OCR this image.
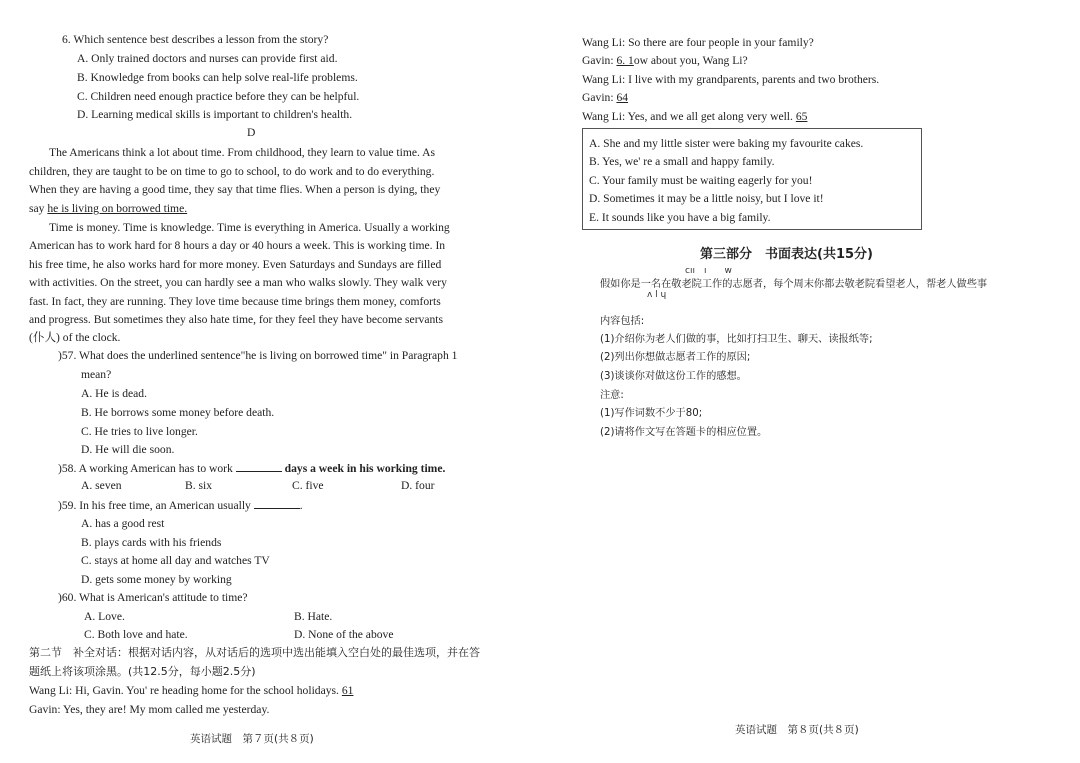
6. Which sentence best describes a lesson from the story?
A. Only trained doctors and nurses can provide first aid.
B. Knowledge from books can help solve real-life problems.
C. Children need enough practice before they can be helpful.
D. Learning medical skills is important to children's health.
D
The Americans think a lot about time. From childhood, they learn to value time. As
children, they are taught to be on time to go to school, to do work and to do everything.
When they are having a good time, they say that time flies. When a person is dying, they
say he is living on borrowed time.
Time is money. Time is knowledge. Time is everything in America. Usually a working
American has to work hard for 8 hours a day or 40 hours a week. This is working time. In
his free time, he also works hard for more money. Even Saturdays and Sundays are filled
with activities. On the street, you can hardly see a man who walks slowly. They walk very
fast. In fact, they are running. They love time because time brings them money, comforts
and progress. But sometimes they also hate time, for they feel they have become servants
(仆人) of the clock.
)57. What does the underlined sentence"he is living on borrowed time" in Paragraph 1
mean?
A. He is dead.
B. He borrows some money before death.
C. He tries to live longer.
D. He will die soon.
)58. A working American has to work	days a week in his working time.
A. seven	B. six	C. five	D. four
)59. In his free time, an American usually	.
A. has a good rest
B. plays cards with his friends
C. stays at home all day and watches TV
D. gets some money by working
)60. What is American's attitude to time?
A. Love.	B. Hate.
C. Both love and hate.	D. None of the above
第二节　补全对话：根据对话内容，从对话后的选项中选出能填入空白处的最佳选项，并在答
题纸上将该项涂黑。(共12.5分，每小题2.5分)
Wang Li: Hi, Gavin. You' re heading home for the school holidays. 61
Gavin: Yes, they are! My mom called me yesterday.
英语试题　第７页(共８页)
Wang Li: So there are four people in your family?
Gavin: 6. 1ow about you, Wang Li?
Wang Li: I live with my grandparents, parents and two brothers.
Gavin: 64
Wang Li: Yes, and we all get along very well. 65
A. She and my little sister were baking my favourite cakes.
B. Yes, we' re a small and happy family.
C. Your family must be waiting eagerly for you!
D. Sometimes it may be a little noisy, but I love it!
E. It sounds like you have a big family.
第三部分　书面表达(共15分)
cıı　ı　　w
假如你是一名在敬老院工作的志愿者，每个周末你都去敬老院看望老人，帮老人做些事
ʌ l ɥ
内容包括:
(1)介绍你为老人们做的事，比如打扫卫生、聊天、读报纸等;
(2)列出你想做志愿者工作的原因;
(3)谈谈你对做这份工作的感想。
注意:
(1)写作词数不少于80;
(2)请将作文写在答题卡的相应位置。
英语试题　第８页(共８页)
